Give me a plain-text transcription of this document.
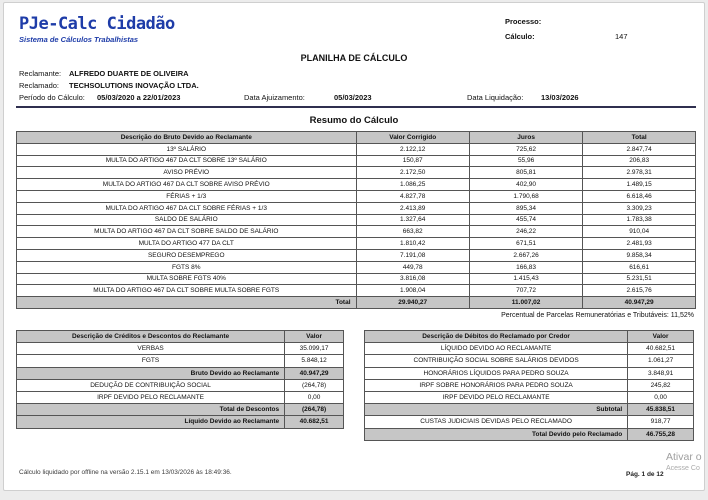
PJe-Calc Cidadão
Sistema de Cálculos Trabalhistas
Processo:
Cálculo:	147
PLANILHA DE CÁLCULO
Reclamante: ALFREDO DUARTE DE OLIVEIRA
Reclamado: TECHSOLUTIONS INOVAÇÃO LTDA.
Período do Cálculo: 05/03/2020 a 22/01/2023	Data Ajuizamento:	05/03/2023	Data Liquidação: 13/03/2026
Resumo do Cálculo
Descrição do Bruto Devido ao Reclamante	Valor Corrigido	Juros	Total
13º SALÁRIO	2.122,12	725,62	2.847,74
MULTA DO ARTIGO 467 DA CLT SOBRE 13º SALÁRIO	150,87	55,96	206,83
AVISO PRÉVIO	2.172,50	805,81	2.978,31
MULTA DO ARTIGO 467 DA CLT SOBRE AVISO PRÉVIO	1.086,25	402,90	1.489,15
FÉRIAS + 1/3	4.827,78	1.790,68	6.618,46
MULTA DO ARTIGO 467 DA CLT SOBRE FÉRIAS + 1/3	2.413,89	895,34	3.309,23
SALDO DE SALÁRIO	1.327,64	455,74	1.783,38
MULTA DO ARTIGO 467 DA CLT SOBRE SALDO DE SALÁRIO	663,82	246,22	910,04
MULTA DO ARTIGO 477 DA CLT	1.810,42	671,51	2.481,93
SEGURO DESEMPREGO	7.191,08	2.667,26	9.858,34
FGTS 8%	449,78	166,83	616,61
MULTA SOBRE FGTS 40%	3.816,08	1.415,43	5.231,51
MULTA DO ARTIGO 467 DA CLT SOBRE MULTA SOBRE FGTS	1.908,04	707,72	2.615,76
Total	29.940,27	11.007,02	40.947,29
Percentual de Parcelas Remuneratórias e Tributáveis: 11,52%
Descrição de Créditos e Descontos do Reclamante	Valor
VERBAS	35.099,17
FGTS	5.848,12
Bruto Devido ao Reclamante	40.947,29
DEDUÇÃO DE CONTRIBUIÇÃO SOCIAL	(264,78)
IRPF DEVIDO PELO RECLAMANTE	0,00
Total de Descontos	(264,78)
Líquido Devido ao Reclamante	40.682,51
Descrição de Débitos do Reclamado por Credor	Valor
LÍQUIDO DEVIDO AO RECLAMANTE	40.682,51
CONTRIBUIÇÃO SOCIAL SOBRE SALÁRIOS DEVIDOS	1.061,27
HONORÁRIOS LÍQUIDOS PARA PEDRO SOUZA	3.848,91
IRPF SOBRE HONORÁRIOS PARA PEDRO SOUZA	245,82
IRPF DEVIDO PELO RECLAMANTE	0,00
Subtotal	45.838,51
CUSTAS JUDICIAIS DEVIDAS PELO RECLAMADO	918,77
Total Devido pelo Reclamado	46.755,28
Ativar o
Acesse Co
Cálculo liquidado por offline na versão 2.15.1 em 13/03/2026 às 18:49:36.	Pág. 1 de 12
